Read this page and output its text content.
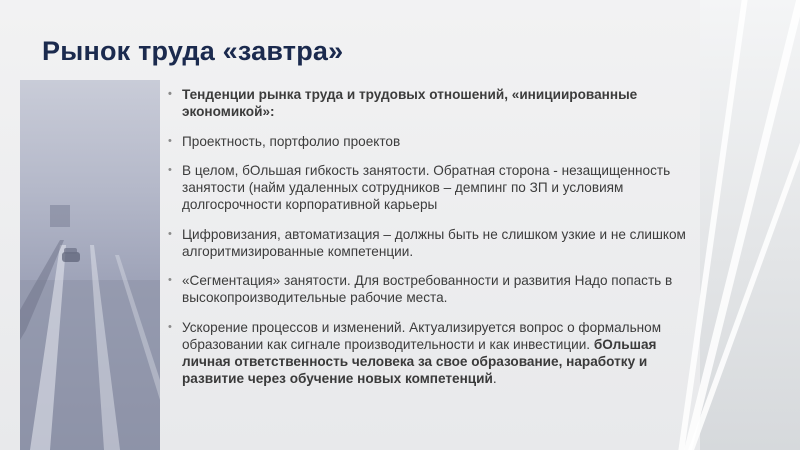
Рынок труда «завтра»
• Тенденции рынка труда и трудовых отношений, «инициированные экономикой»:
• Проектность, портфолио проектов
• В целом, бОльшая гибкость занятости. Обратная сторона - незащищенность занятости (найм удаленных сотрудников – демпинг по ЗП и условиям долгосрочности корпоративной карьеры
• Цифровизания, автоматизация – должны быть не слишком узкие и не слишком алгоритмизированные компетенции.
• «Сегментация» занятости. Для востребованности и развития Надо попасть в высокопроизводительные рабочие места.
• Ускорение процессов и изменений. Актуализируется вопрос о формальном образовании как сигнале производительности и как инвестиции. бОльшая личная ответственность человека за свое образование, наработку и развитие через обучение новых компетенций.
